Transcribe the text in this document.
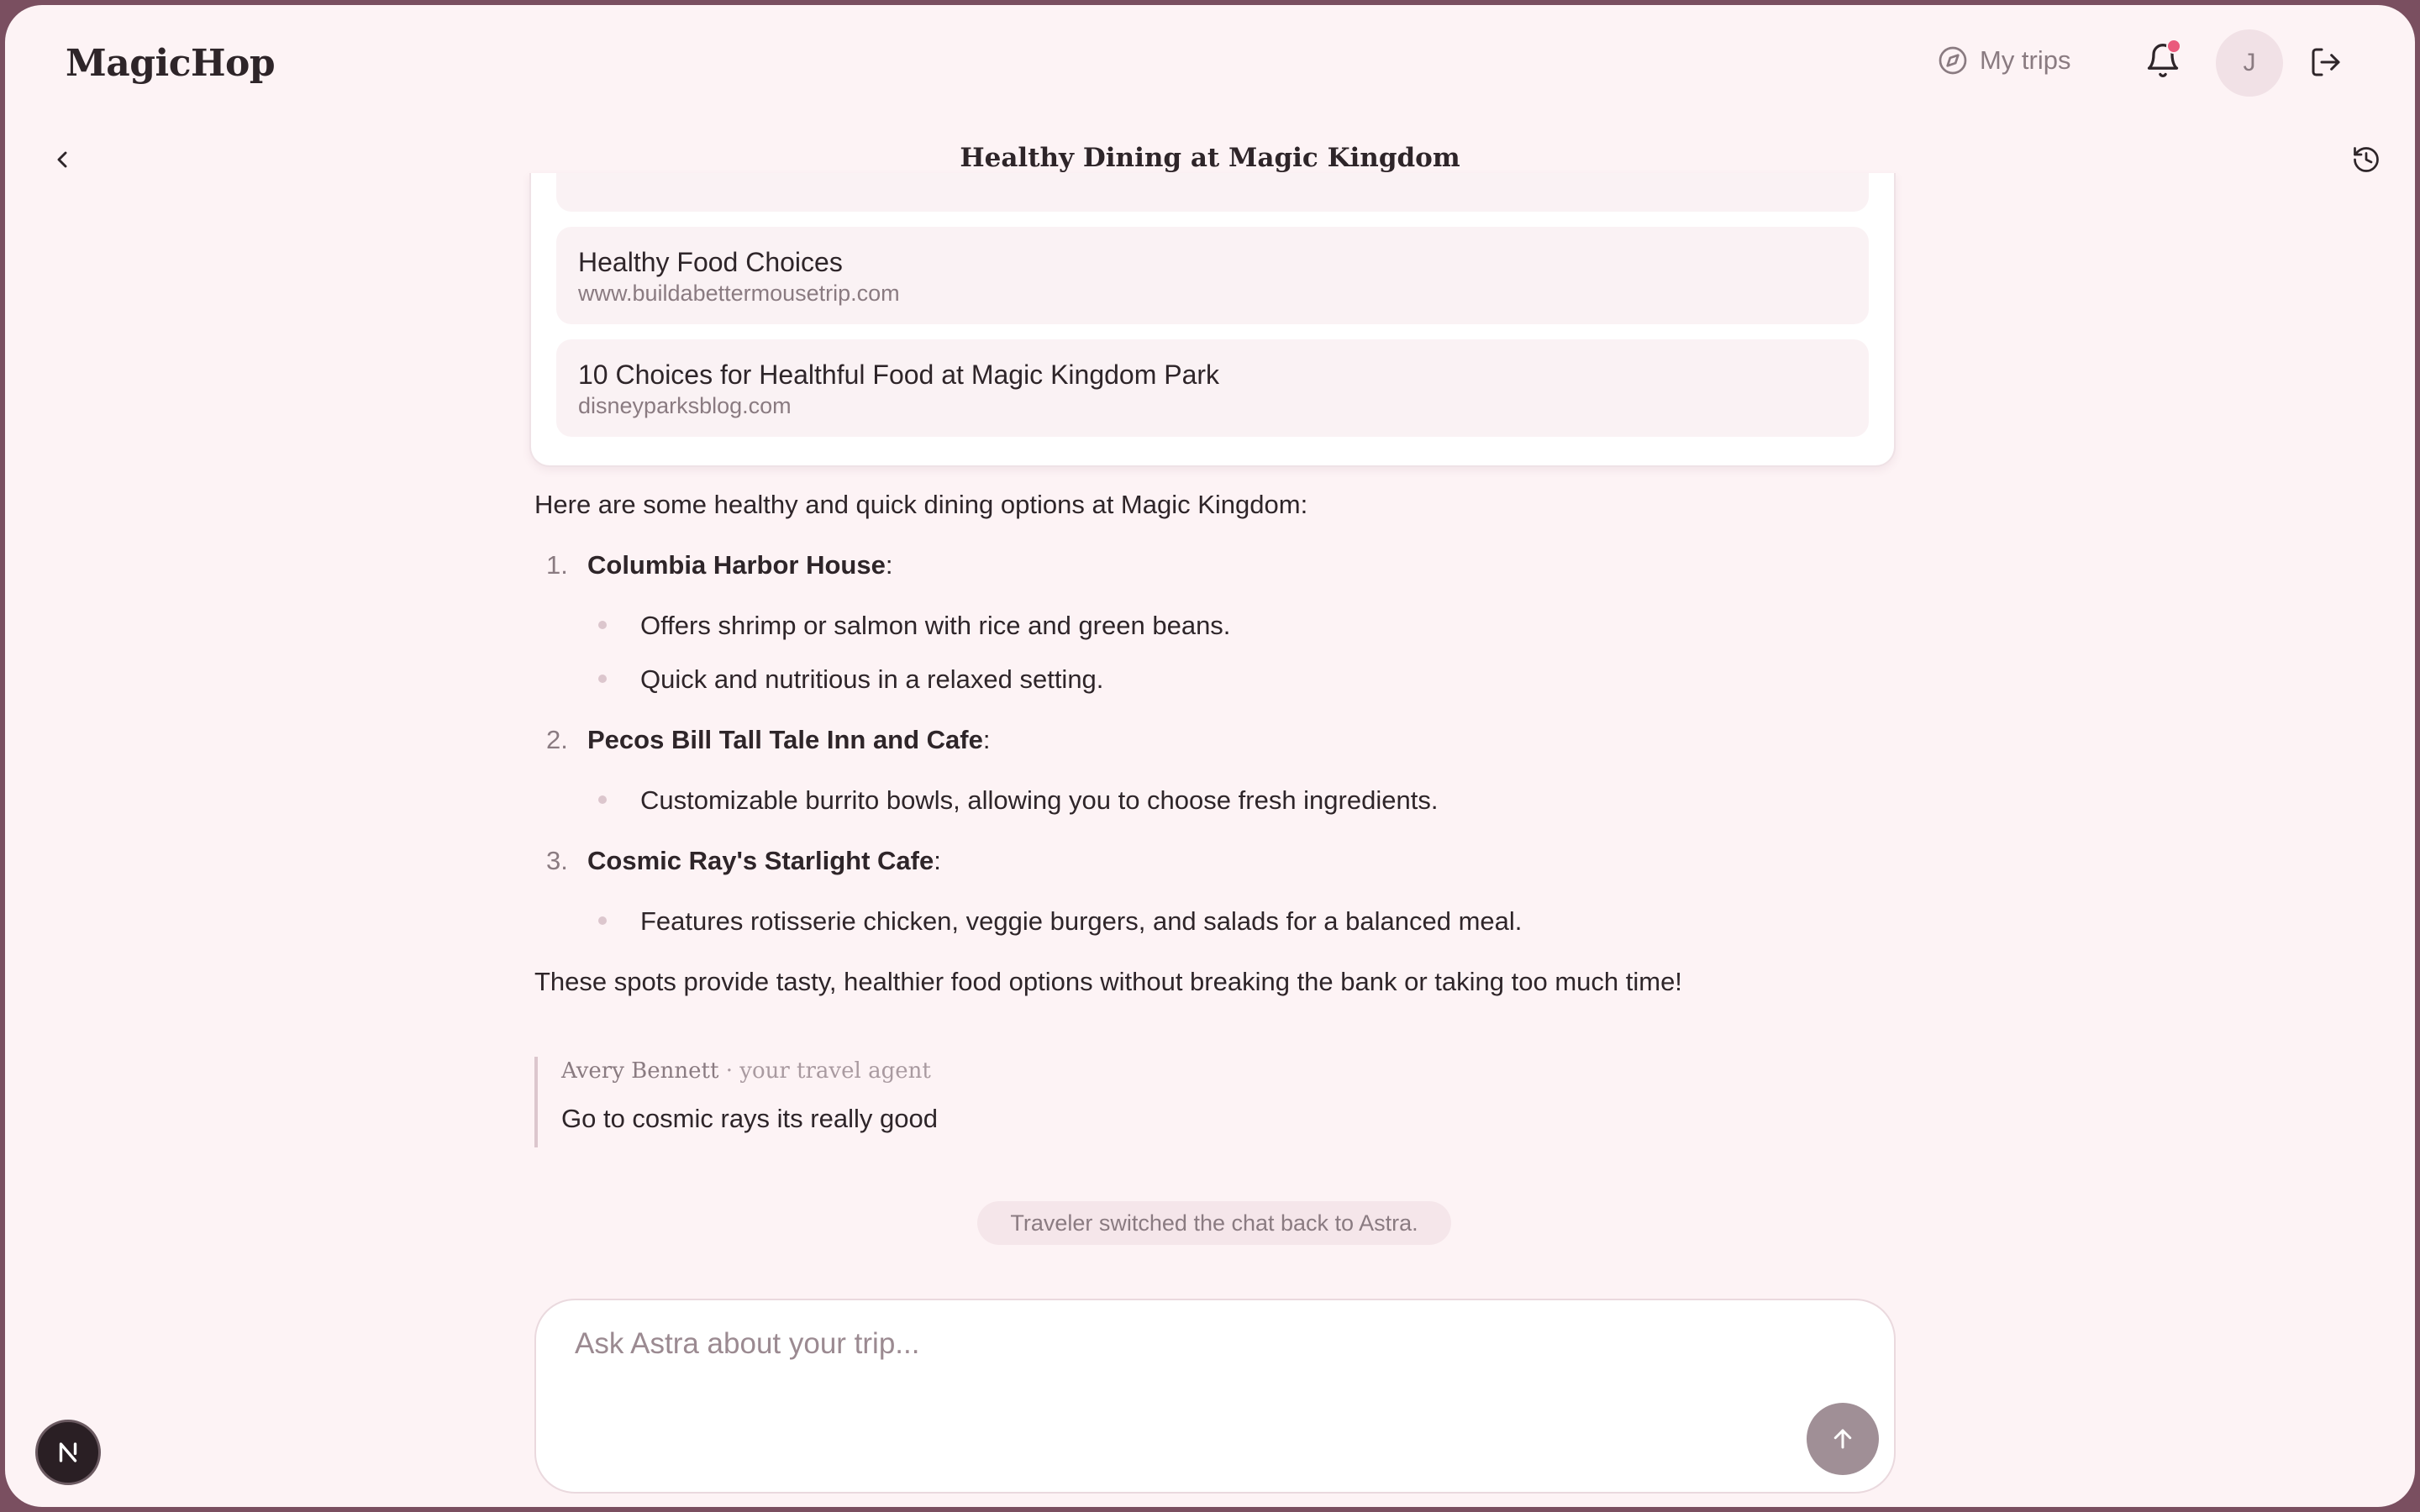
MagicHop	My trips	J
Healthy Dining at Magic Kingdom
Healthy Food Choices
www.buildabettermousetrip.com
10 Choices for Healthful Food at Magic Kingdom Park
disneyparksblog.com
Here are some healthy and quick dining options at Magic Kingdom:
1. Columbia Harbor House:
Offers shrimp or salmon with rice and green beans.
Quick and nutritious in a relaxed setting.
2. Pecos Bill Tall Tale Inn and Cafe:
Customizable burrito bowls, allowing you to choose fresh ingredients.
3. Cosmic Ray's Starlight Cafe:
Features rotisserie chicken, veggie burgers, and salads for a balanced meal.
These spots provide tasty, healthier food options without breaking the bank or taking too much time!
Avery Bennett · your travel agent
Go to cosmic rays its really good
Traveler switched the chat back to Astra.
Ask Astra about your trip...
